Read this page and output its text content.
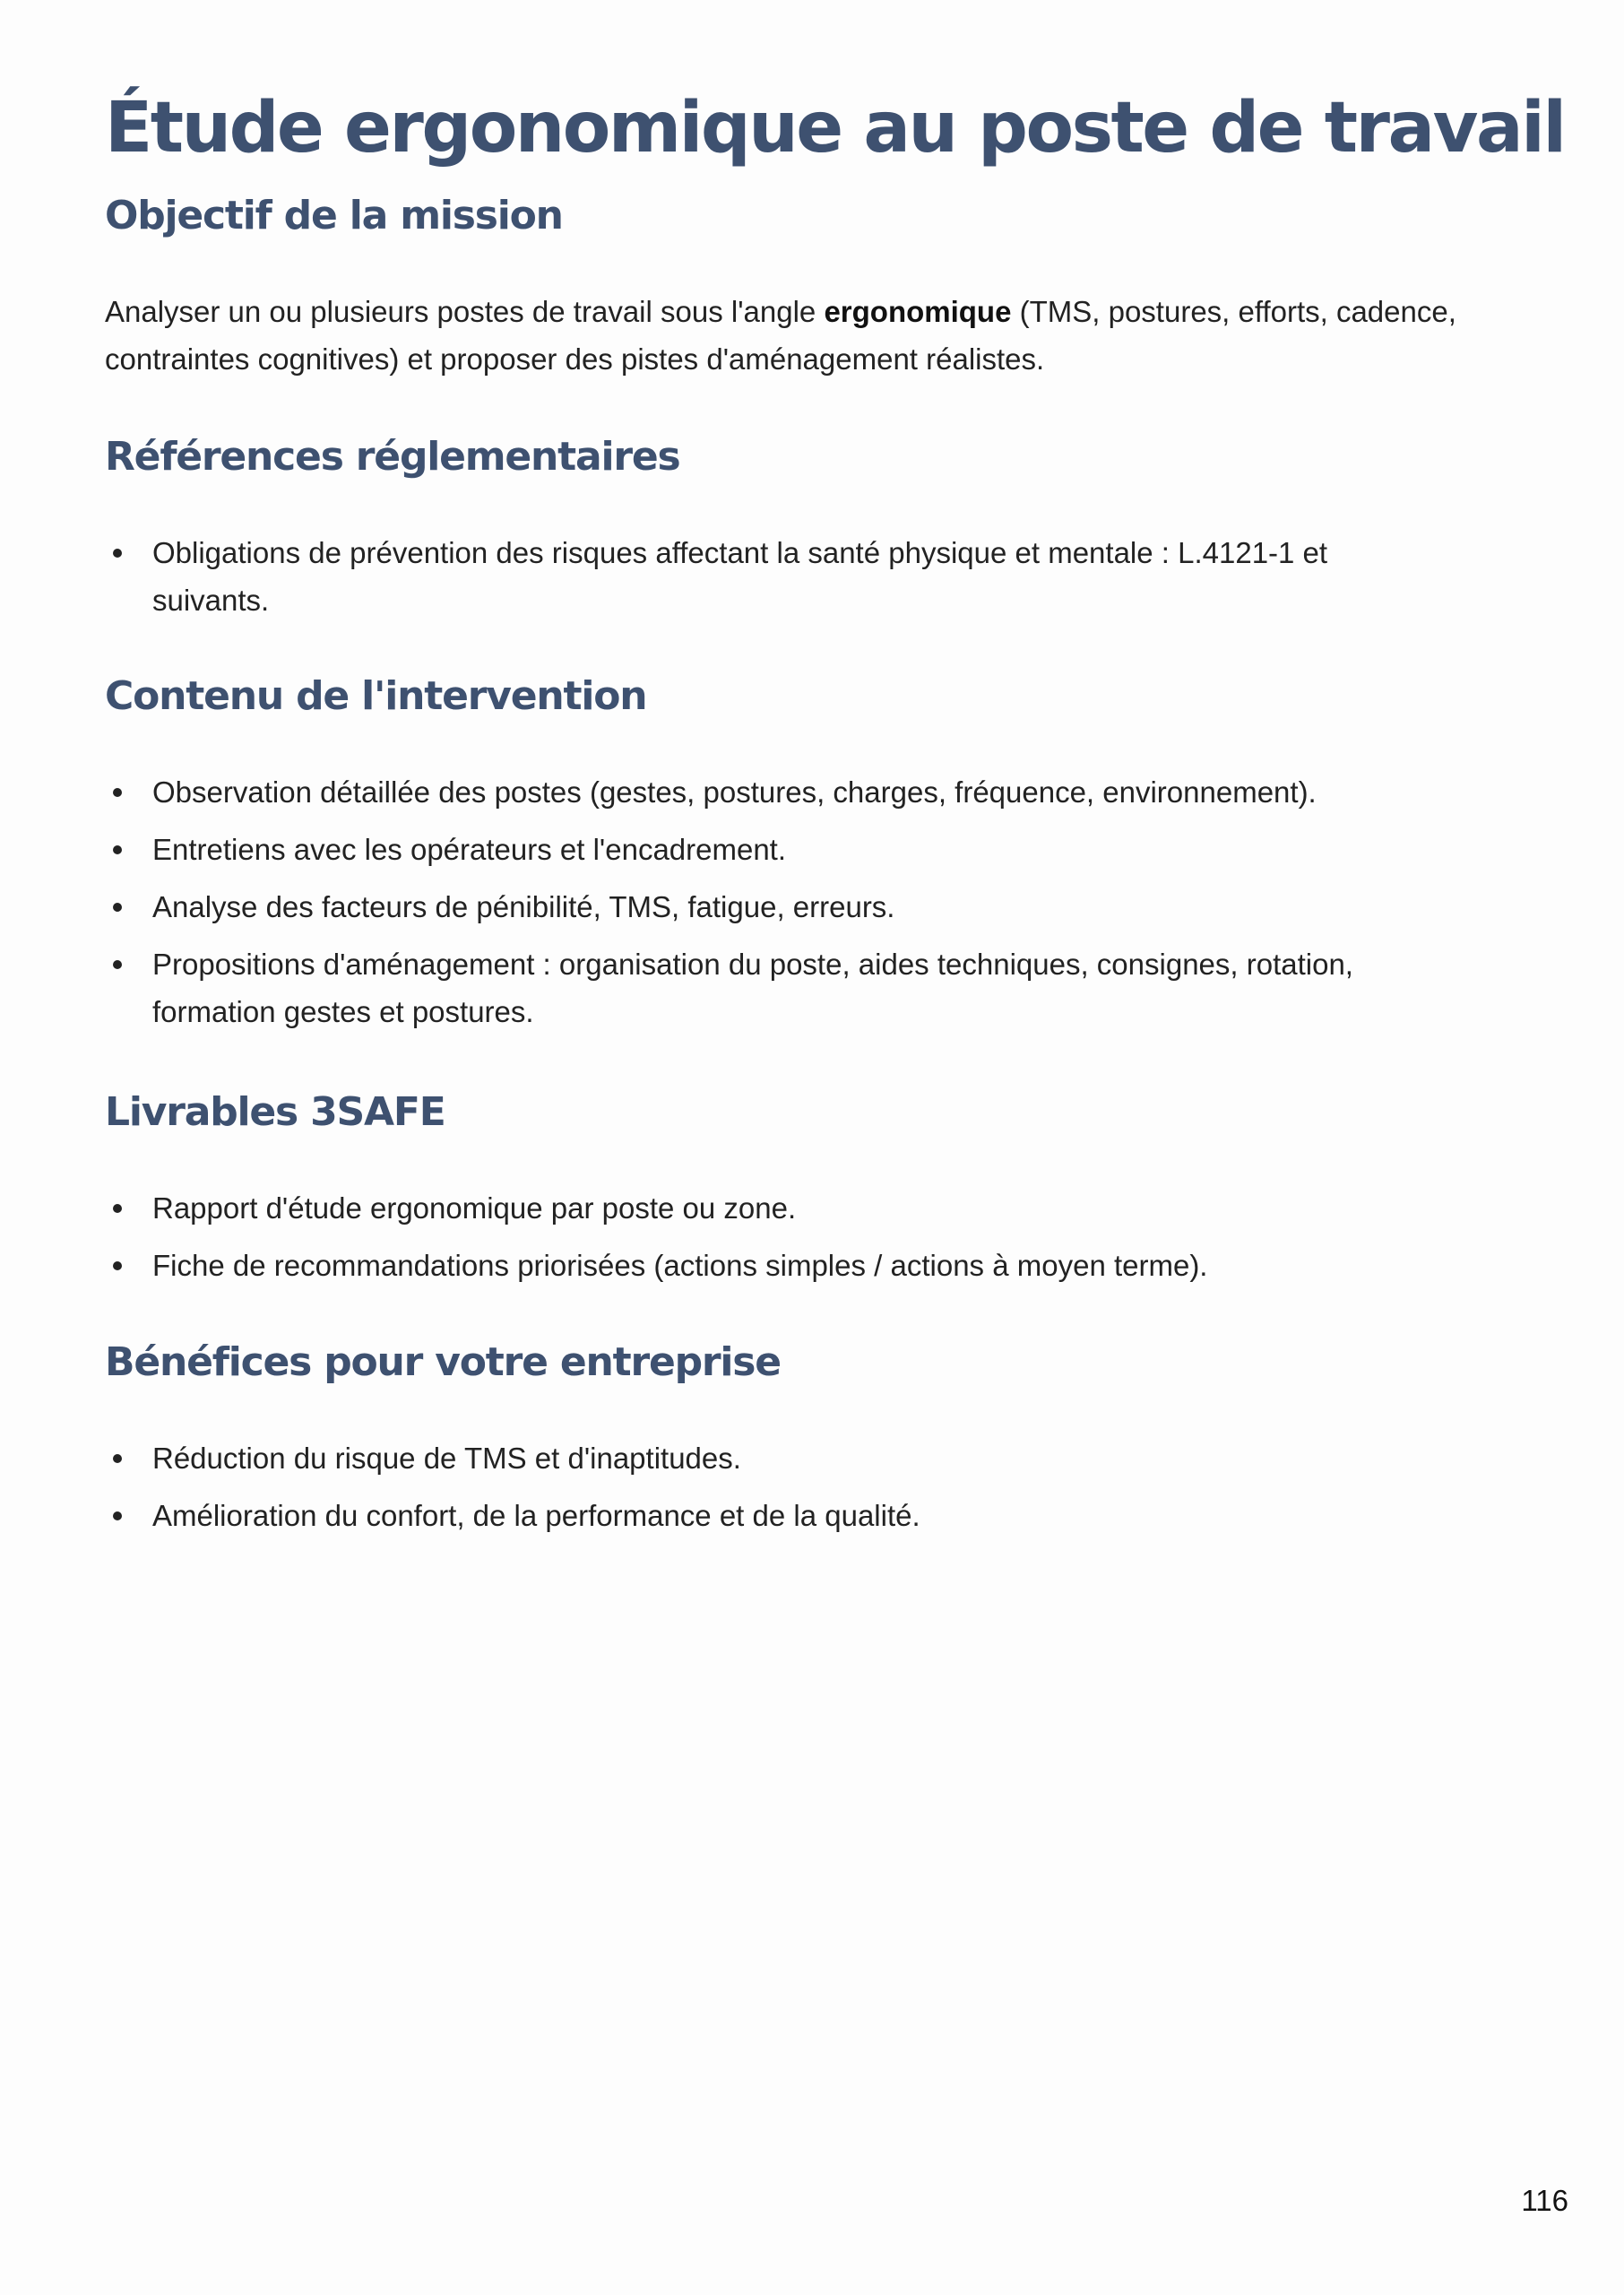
Étude ergonomique au poste de travail
Objectif de la mission

Analyser un ou plusieurs postes de travail sous l'angle ergonomique (TMS, postures, efforts, cadence, contraintes cognitives) et proposer des pistes d'aménagement réalistes.

Références réglementaires
Obligations de prévention des risques affectant la santé physique et mentale : L.4121-1 et suivants.
Contenu de l'intervention
Observation détaillée des postes (gestes, postures, charges, fréquence, environnement).
Entretiens avec les opérateurs et l'encadrement.
Analyse des facteurs de pénibilité, TMS, fatigue, erreurs.
Propositions d'aménagement : organisation du poste, aides techniques, consignes, rotation, formation gestes et postures.
Livrables 3SAFE
Rapport d'étude ergonomique par poste ou zone.
Fiche de recommandations priorisées (actions simples / actions à moyen terme).
Bénéfices pour votre entreprise
Réduction du risque de TMS et d'inaptitudes.
Amélioration du confort, de la performance et de la qualité.
116
